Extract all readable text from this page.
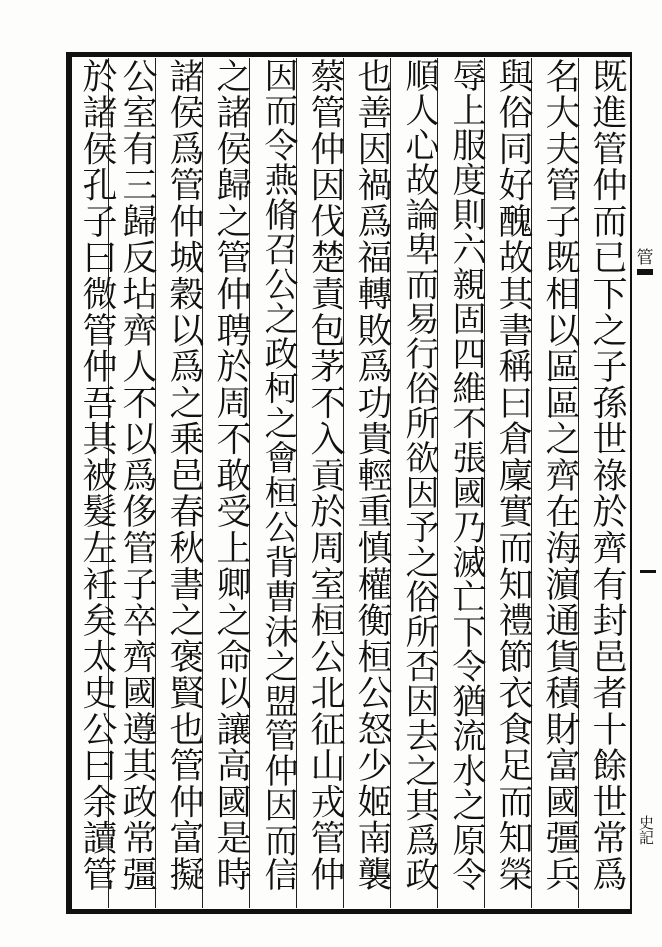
管
史記
既進管仲而已下之子孫世祿於齊有封邑者十餘世常爲
名大夫管子既相以區區之齊在海濵通貨積財富國彊兵
與俗同好醜故其書稱曰倉廩實而知禮節衣食足而知榮
辱上服度則六親固四維不張國乃滅亡下令猶流水之原令
順人心故論卑而易行俗所欲因予之俗所否因去之其爲政
也善因禍爲福轉敗爲功貴輕重慎權衡桓公怒少姬南襲
蔡管仲因伐楚責包茅不入貢於周室桓公北征山戎管仲
因而令燕脩召公之政柯之會桓公背曹沫之盟管仲因而信
之諸侯歸之管仲聘於周不敢受上卿之命以讓高國是時
諸侯爲管仲城穀以爲之乗邑春秋書之褒賢也管仲富擬
公室有三歸反坫齊人不以爲侈管子卒齊國遵其政常彊
於諸侯孔子曰微管仲吾其被髮左衽矣太史公曰余讀管
